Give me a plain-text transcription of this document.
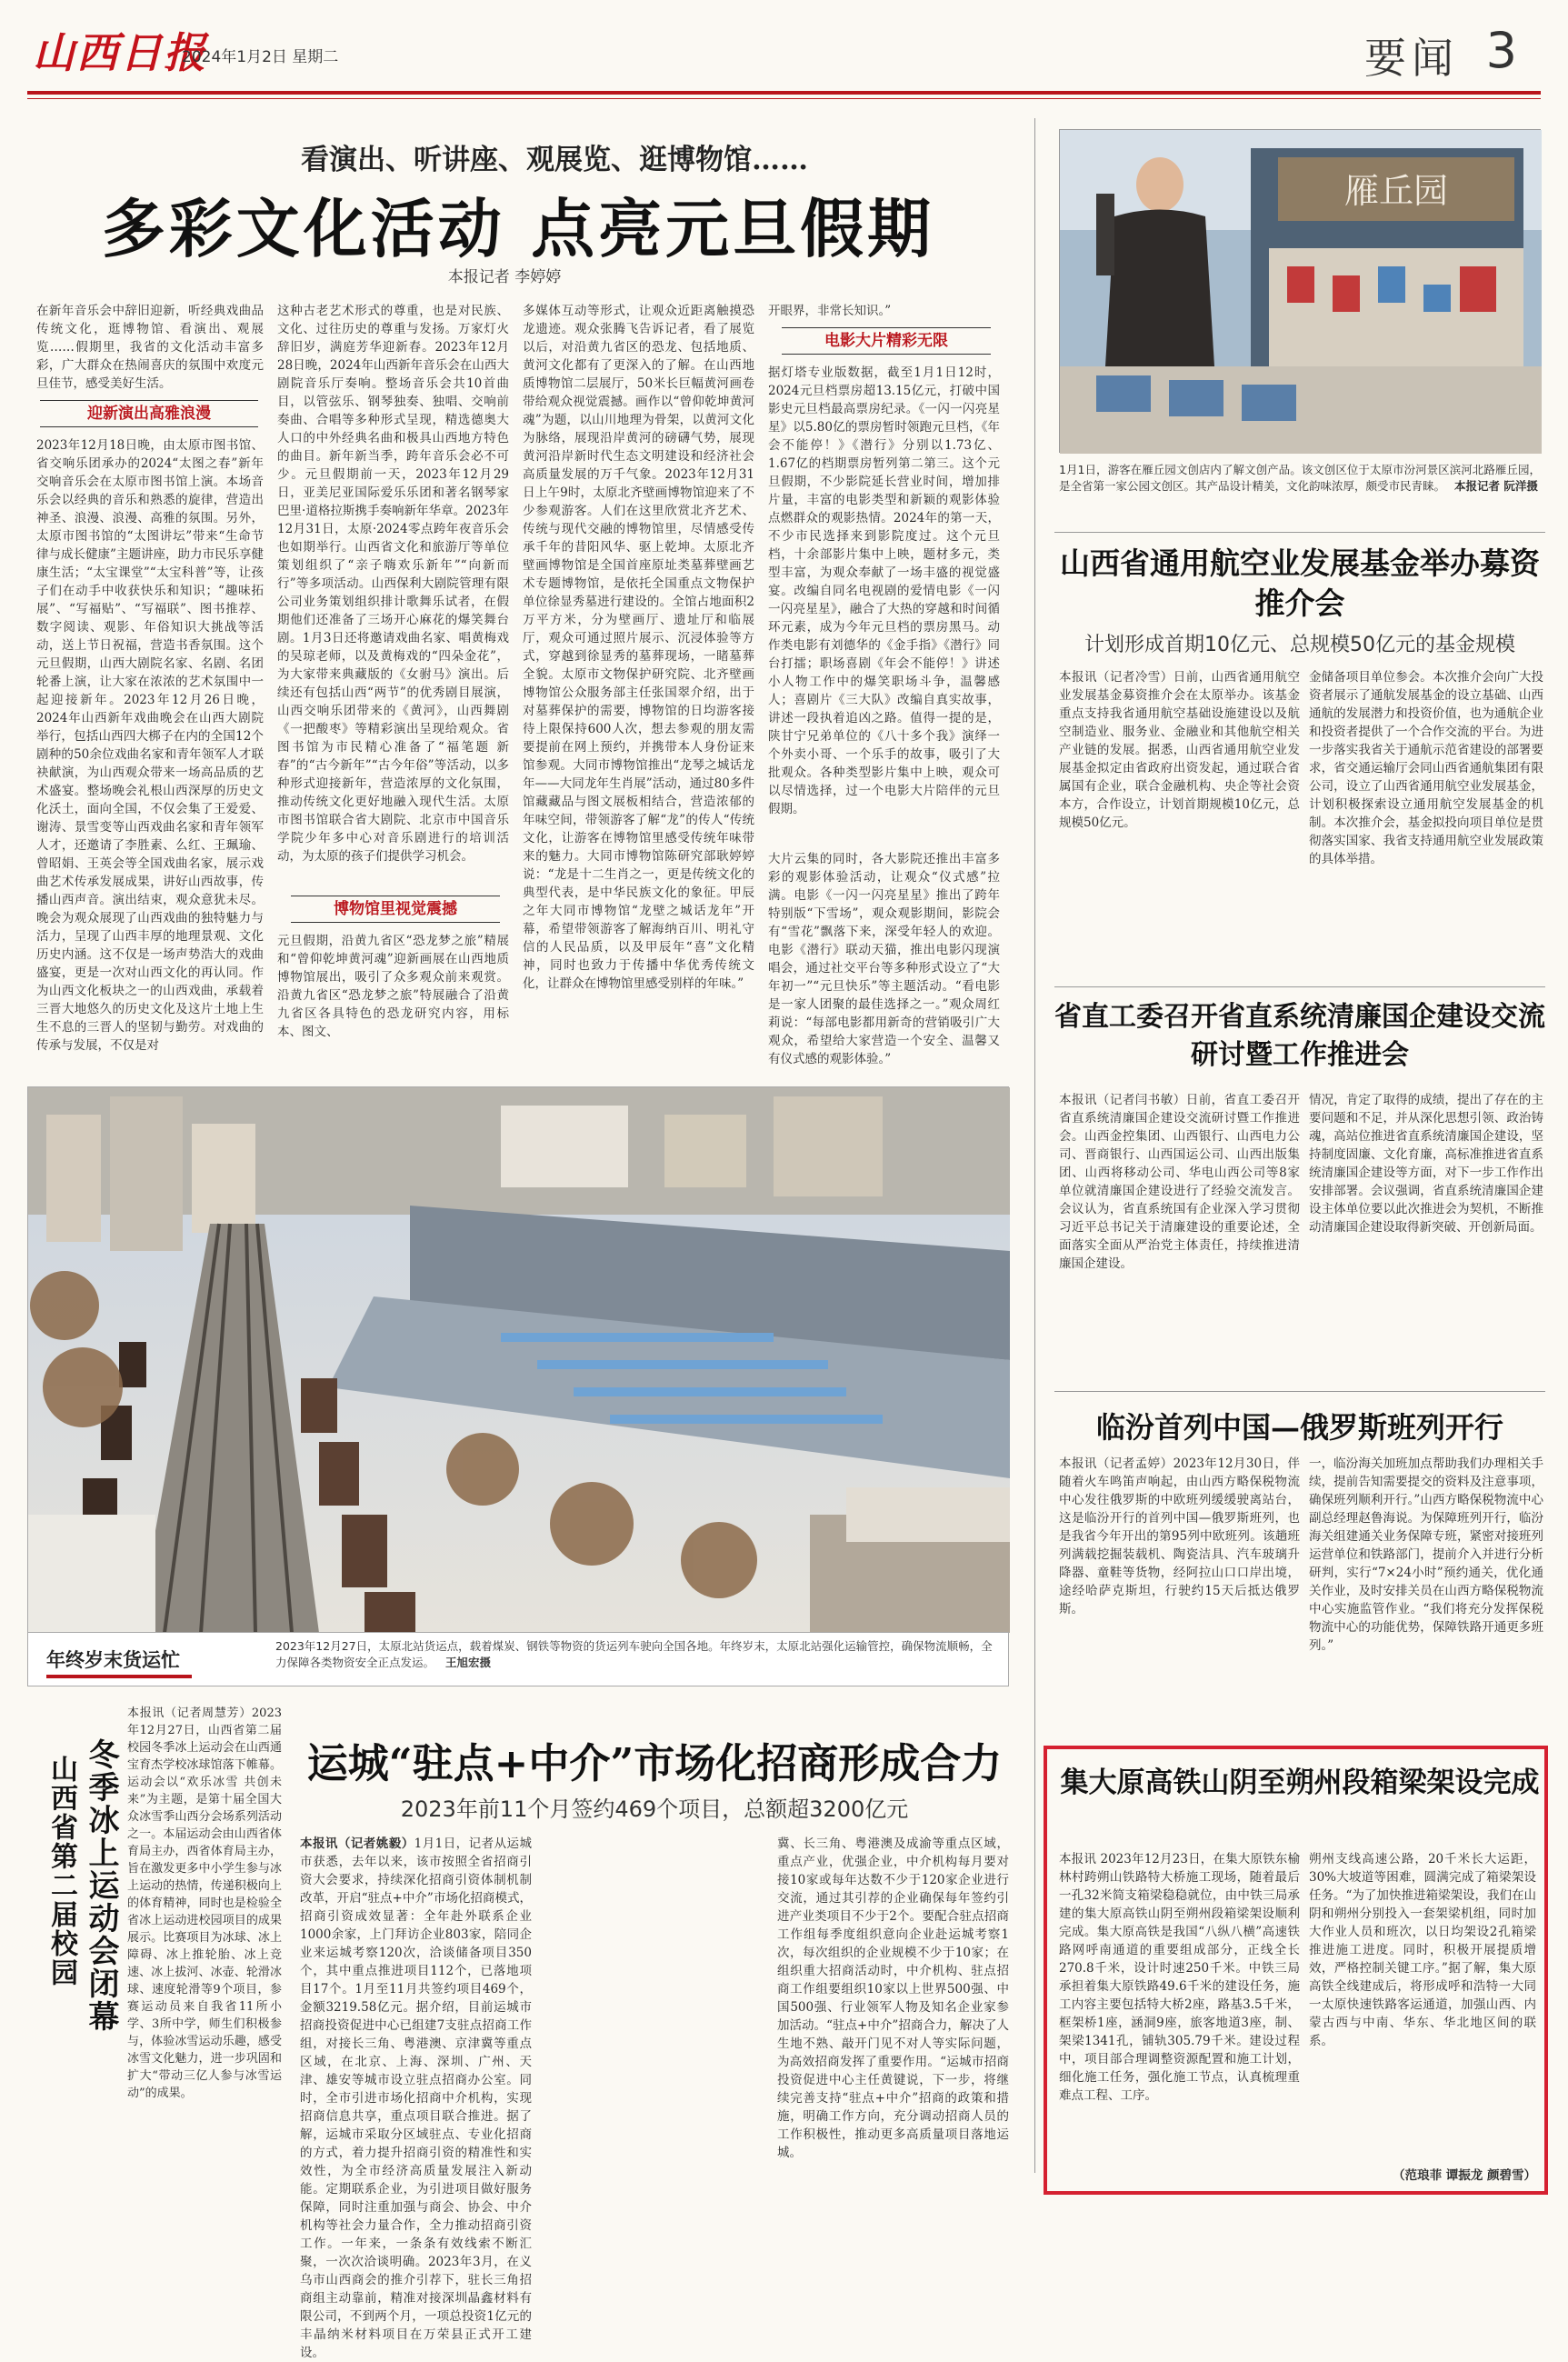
山西日报
2024年1月2日 星期二	要闻 3
看演出、听讲座、观展览、逛博物馆……
多彩文化活动 点亮元旦假期
本报记者 李婷婷
在新年音乐会中辞旧迎新，听经典戏曲品传统文化，逛博物馆、看演出、观展览……假期里，我省的文化活动丰富多彩，广大群众在热闹喜庆的氛围中欢度元旦佳节，感受美好生活。
迎新演出高雅浪漫
2023年12月18日晚，由太原市图书馆、省交响乐团承办的2024“太图之春”新年交响音乐会在太原市图书馆上演。本场音乐会以经典的音乐和熟悉的旋律，营造出神圣、浪漫、浪漫、高雅的氛围。另外，太原市图书馆的“太图讲坛”带来“生命节律与成长健康”主题讲座，助力市民乐享健康生活；“太宝课堂”“太宝科普”等，让孩子们在动手中收获快乐和知识；“趣味拓展”、“写福贴”、“写福联”、图书推荐、数字阅读、观影、年俗知识大挑战等活动，送上节日祝福，营造书香氛围。这个元旦假期，山西大剧院名家、名剧、名团轮番上演，让大家在浓浓的艺术氛围中一起迎接新年。2023年12月26日晚，2024年山西新年戏曲晚会在山西大剧院举行，包括山西四大梆子在内的全国12个剧种的50余位戏曲名家和青年领军人才联袂献演，为山西观众带来一场高品质的艺术盛宴。整场晚会礼根山西深厚的历史文化沃土，面向全国，不仅会集了王爱爱、谢涛、景雪变等山西戏曲名家和青年领军人才，还邀请了李胜素、么红、王珮瑜、曾昭娟、王英会等全国戏曲名家，展示戏曲艺术传承发展成果，讲好山西故事，传播山西声音。演出结束，观众意犹未尽。晚会为观众展现了山西戏曲的独特魅力与活力，呈现了山西丰厚的地理景观、文化历史内涵。这不仅是一场声势浩大的戏曲盛宴，更是一次对山西文化的再认同。作为山西文化板块之一的山西戏曲，承载着三晋大地悠久的历史文化及这片土地上生生不息的三晋人的坚韧与勤劳。对戏曲的传承与发展，不仅是对
这种古老艺术形式的尊重，也是对民族、文化、过往历史的尊重与发扬。万家灯火辞旧岁，满庭芳华迎新春。2023年12月28日晚，2024年山西新年音乐会在山西大剧院音乐厅奏响。整场音乐会共10首曲目，以管弦乐、钢琴独奏、独唱、交响前奏曲、合唱等多种形式呈现，精选德奥大人口的中外经典名曲和极具山西地方特色的曲目。新年新当季，跨年音乐会必不可少。元旦假期前一天，2023年12月29日，亚美尼亚国际爱乐乐团和著名钢琴家巴里·道格拉斯携手奏响新年华章。2023年12月31日，太原·2024零点跨年夜音乐会也如期举行。山西省文化和旅游厅等单位策划组织了“亲子嗨欢乐新年”“向新而行”等多项活动。山西保利大剧院管理有限公司业务策划组织排计歌舞乐试者，在假期他们还准备了三场开心麻花的爆笑舞台剧。1月3日还将邀请戏曲名家、唱黄梅戏的吴琼老师，以及黄梅戏的“四朵金花”，为大家带来典藏版的《女驸马》演出。后续还有包括山西“两节”的优秀剧目展演，山西交响乐团带来的《黄河》，山西舞剧《一把酸枣》等精彩演出呈现给观众。省图书馆为市民精心准备了“福笔题 新春”的“古今新年”“古今年俗”等活动，以多种形式迎接新年，营造浓厚的文化氛围，推动传统文化更好地融入现代生活。太原市图书馆联合省大剧院、北京市中国音乐学院少年多中心对音乐剧进行的培训活动，为太原的孩子们提供学习机会。
博物馆里视觉震撼
元旦假期，沿黄九省区“恐龙梦之旅”精展和“曾仰乾坤黄河魂”迎新画展在山西地质博物馆展出，吸引了众多观众前来观赏。沿黄九省区“恐龙梦之旅”特展融合了沿黄九省区各具特色的恐龙研究内容，用标本、图文、
多媒体互动等形式，让观众近距离触摸恐龙遗迹。观众张腾飞告诉记者，看了展览以后，对沿黄九省区的恐龙、包括地质、黄河文化都有了更深入的了解。在山西地质博物馆二层展厅，50米长巨幅黄河画卷带给观众视觉震撼。画作以“曾仰乾坤黄河魂”为题，以山川地理为骨架，以黄河文化为脉络，展现沿岸黄河的磅礴气势，展现黄河沿岸新时代生态文明建设和经济社会高质量发展的万千气象。2023年12月31日上午9时，太原北齐壁画博物馆迎来了不少参观游客。人们在这里欣赏北齐艺术、传统与现代交融的博物馆里，尽情感受传承千年的昔阳风华、驱上乾坤。太原北齐壁画博物馆是全国首座原址类墓葬壁画艺术专题博物馆，是依托全国重点文物保护单位徐显秀墓进行建设的。全馆占地面积2万平方米，分为壁画厅、遗址厅和临展厅，观众可通过照片展示、沉浸体验等方式，穿越到徐显秀的墓葬现场，一睹墓葬全貌。太原市文物保护研究院、北齐壁画博物馆公众服务部主任张国翠介绍，出于对墓葬保护的需要，博物馆的日均游客接待上限保持600人次，想去参观的朋友需要提前在网上预约，并携带本人身份证来馆参观。大同市博物馆推出“龙琴之城话龙年——大同龙年生肖展”活动，通过80多件馆藏藏品与图文展板相结合，营造浓郁的年味空间，带领游客了解“龙”的传人“传统文化，让游客在博物馆里感受传统年味带来的魅力。大同市博物馆陈研究部耿婷婷说：“龙是十二生肖之一，更是传统文化的典型代表，是中华民族文化的象征。甲辰之年大同市博物馆“龙壁之城话龙年”开幕，希望带领游客了解海纳百川、明礼守信的人民品质，以及甲辰年“喜”文化精神，同时也致力于传播中华优秀传统文化，让群众在博物馆里感受别样的年味。”
开眼界，非常长知识。”
电影大片精彩无限
据灯塔专业版数据，截至1月1日12时，2024元旦档票房超13.15亿元，打破中国影史元旦档最高票房纪录。《一闪一闪亮星星》以5.80亿的票房暂时领跑元旦档，《年会不能停！》《潜行》分别以1.73亿、1.67亿的档期票房暂列第二第三。这个元旦假期，不少影院延长营业时间，增加排片量，丰富的电影类型和新颖的观影体验点燃群众的观影热情。2024年的第一天，不少市民选择来到影院度过。这个元旦档，十余部影片集中上映，题材多元，类型丰富，为观众奉献了一场丰盛的视觉盛宴。改编自同名电视剧的爱情电影《一闪一闪亮星星》，融合了大热的穿越和时间循环元素，成为今年元旦档的票房黑马。动作类电影有刘德华的《金手指》《潜行》同台打擂；职场喜剧《年会不能停！》讲述小人物工作中的爆笑职场斗争，温馨感人；喜剧片《三大队》改编自真实故事，讲述一段执着追凶之路。值得一提的是，陕甘宁兄弟单位的《八十多个我》演绎一个外卖小哥、一个乐手的故事，吸引了大批观众。各种类型影片集中上映，观众可以尽情选择，过一个电影大片陪伴的元旦假期。
大片云集的同时，各大影院还推出丰富多彩的观影体验活动，让观众“仪式感”拉满。电影《一闪一闪亮星星》推出了跨年特别版“下雪场”，观众观影期间，影院会有“雪花”飘落下来，深受年轻人的欢迎。电影《潜行》联动天猫，推出电影闪现演唱会，通过社交平台等多种形式设立了“大年初一”“元旦快乐”等主题活动。“看电影是一家人团聚的最佳选择之一。”观众周红莉说：“每部电影都用新奇的营销吸引广大观众，希望给大家营造一个安全、温馨又有仪式感的观影体验。”
年终岁末货运忙
2023年12月27日，太原北站货运点，载着煤炭、钢铁等物资的货运列车驶向全国各地。年终岁末，太原北站强化运输管控，确保物流顺畅，全力保障各类物资安全正点发运。 王旭宏摄
冬季冰上运动会闭幕
山西省第二届校园
本报讯（记者周慧芳）2023年12月27日，山西省第二届校园冬季冰上运动会在山西通宝育杰学校冰球馆落下帷幕。运动会以“欢乐冰雪 共创未来”为主题，是第十届全国大众冰雪季山西分会场系列活动之一。本届运动会由山西省体育局主办，西省体育局主办，旨在激发更多中小学生参与冰上运动的热情，传递积极向上的体育精神，同时也是检验全省冰上运动进校园项目的成果展示。比赛项目为冰球、冰上障碍、冰上推轮胎、冰上竞速、冰上拔河、冰壶、轮滑冰球、速度轮滑等9个项目，参赛运动员来自我省11所小学、3所中学，师生们积极参与，体验冰雪运动乐趣，感受冰雪文化魅力，进一步巩固和扩大“带动三亿人参与冰雪运动”的成果。
运城“驻点+中介”市场化招商形成合力
2023年前11个月签约469个项目，总额超3200亿元
本报讯（记者姚毅）1月1日，记者从运城市获悉，去年以来，该市按照全省招商引资大会要求，持续深化招商引资体制机制改革，开启“驻点+中介”市场化招商模式，招商引资成效显著：全年赴外联系企业1000余家，上门拜访企业803家，陪同企业来运城考察120次，洽谈储备项目350个，其中重点推进项目112个，已落地项目17个。1月至11月共签约项目469个，金额3219.58亿元。据介绍，目前运城市招商投资促进中心已组建7支驻点招商工作组，对接长三角、粤港澳、京津冀等重点区域，在北京、上海、深圳、广州、天津、雄安等城市设立驻点招商办公室。同时，全市引进市场化招商中介机构，实现招商信息共享，重点项目联合推进。据了解，运城市采取分区域驻点、专业化招商的方式，着力提升招商引资的精准性和实效性，为全市经济高质量发展注入新动能。定期联系企业，为引进项目做好服务保障，同时注重加强与商会、协会、中介机构等社会力量合作，全力推动招商引资工作。一年来，一条条有效线索不断汇聚，一次次洽谈明确。2023年3月，在义乌市山西商会的推介引荐下，驻长三角招商组主动靠前，精准对接深圳晶鑫材料有限公司，不到两个月，一项总投资1亿元的丰晶纳米材料项目在万荣县正式开工建设。
冀、长三角、粤港澳及成渝等重点区域，重点产业，优强企业，中介机构每月要对接10家或每年达数不少于120家企业进行交流，通过其引荐的企业确保每年签约引进产业类项目不少于2个。要配合驻点招商工作组每季度组织意向企业赴运城考察1次，每次组织的企业规模不少于10家；在组织重大招商活动时，中介机构、驻点招商工作组要组织10家以上世界500强、中国500强、行业领军人物及知名企业家参加活动。“驻点+中介”招商合力，解决了人生地不熟、敲开门见不对人等实际问题，为高效招商发挥了重要作用。“运城市招商投资促进中心主任黄键说，下一步，将继续完善支持“驻点+中介”招商的政策和措施，明确工作方向，充分调动招商人员的工作积极性，推动更多高质量项目落地运城。
雁丘园
1月1日，游客在雁丘园文创店内了解文创产品。该文创区位于太原市汾河景区滨河北路雁丘园，是全省第一家公园文创区。其产品设计精美，文化韵味浓厚，颇受市民青睐。 本报记者 阮洋摄
山西省通用航空业发展基金举办募资推介会
计划形成首期10亿元、总规模50亿元的基金规模
本报讯（记者冷雪）日前，山西省通用航空业发展基金募资推介会在太原举办。该基金重点支持我省通用航空基础设施建设以及航空制造业、服务业、金融业和其他航空相关产业链的发展。据悉，山西省通用航空业发展基金拟定由省政府出资发起，通过联合省属国有企业，联合金融机构、央企等社会资本方，合作设立，计划首期规模10亿元，总规模50亿元。
金储备项目单位参会。本次推介会向广大投资者展示了通航发展基金的设立基础、山西通航的发展潜力和投资价值，也为通航企业和投资者提供了一个合作交流的平台。为进一步落实我省关于通航示范省建设的部署要求，省交通运输厅会同山西省通航集团有限公司，设立了山西省通用航空业发展基金，计划积极探索设立通用航空发展基金的机制。本次推介会，基金拟投向项目单位是贯彻落实国家、我省支持通用航空业发展政策的具体举措。
省直工委召开省直系统清廉国企建设交流研讨暨工作推进会
本报讯（记者闫书敏）日前，省直工委召开省直系统清廉国企建设交流研讨暨工作推进会。山西金控集团、山西银行、山西电力公司、晋商银行、山西国运公司、山西出版集团、山西将移动公司、华电山西公司等8家单位就清廉国企建设进行了经验交流发言。会议认为，省直系统国有企业深入学习贯彻习近平总书记关于清廉建设的重要论述，全面落实全面从严治党主体责任，持续推进清廉国企建设。
情况，肯定了取得的成绩，提出了存在的主要问题和不足，并从深化思想引领、政治铸魂，高站位推进省直系统清廉国企建设，坚持制度固廉、文化育廉，高标准推进省直系统清廉国企建设等方面，对下一步工作作出安排部署。会议强调，省直系统清廉国企建设主体单位要以此次推进会为契机，不断推动清廉国企建设取得新突破、开创新局面。
临汾首列中国—俄罗斯班列开行
本报讯（记者孟婷）2023年12月30日，伴随着火车鸣笛声响起，由山西方略保税物流中心发往俄罗斯的中欧班列缓缓驶离站台，这是临汾开行的首列中国—俄罗斯班列，也是我省今年开出的第95列中欧班列。该趟班列满载挖掘装载机、陶瓷洁具、汽车玻璃升降器、童鞋等货物，经阿拉山口口岸出境，途经哈萨克斯坦，行驶约15天后抵达俄罗斯。
一，临汾海关加班加点帮助我们办理相关手续，提前告知需要提交的资料及注意事项，确保班列顺利开行。”山西方略保税物流中心副总经理赵鲁海说。为保障班列开行，临汾海关组建通关业务保障专班，紧密对接班列运营单位和铁路部门，提前介入并进行分析研判，实行“7×24小时”预约通关，优化通关作业，及时安排关员在山西方略保税物流中心实施监管作业。“我们将充分发挥保税物流中心的功能优势，保障铁路开通更多班列。”
集大原高铁山阴至朔州段箱梁架设完成
本报讯 2023年12月23日，在集大原铁东榆林村跨朔山铁路特大桥施工现场，随着最后一孔32米简支箱梁稳稳就位，由中铁三局承建的集大原高铁山阴至朔州段箱梁架设顺利完成。集大原高铁是我国“八纵八横”高速铁路网呼南通道的重要组成部分，正线全长270.8千米，设计时速250千米。中铁三局承担着集大原铁路49.6千米的建设任务，施工内容主要包括特大桥2座，路基3.5千米，框架桥1座，涵洞9座，旅客地道3座，制、架梁1341孔，铺轨305.79千米。建设过程中，项目部合理调整资源配置和施工计划，细化施工任务，强化施工节点，认真梳理重难点工程、工序。
朔州支线高速公路，20千米长大运距，30%大坡道等困难，圆满完成了箱梁架设任务。“为了加快推进箱梁架设，我们在山阴和朔州分别投入一套架梁机组，同时加大作业人员和班次，以日均架设2孔箱梁推进施工进度。同时，积极开展提质增效，严格控制关键工序。”据了解，集大原高铁全线建成后，将形成呼和浩特一大同一太原快速铁路客运通道，加强山西、内蒙古西与中南、华东、华北地区间的联系。
（范琅菲 谭振龙 颜碧雪）
